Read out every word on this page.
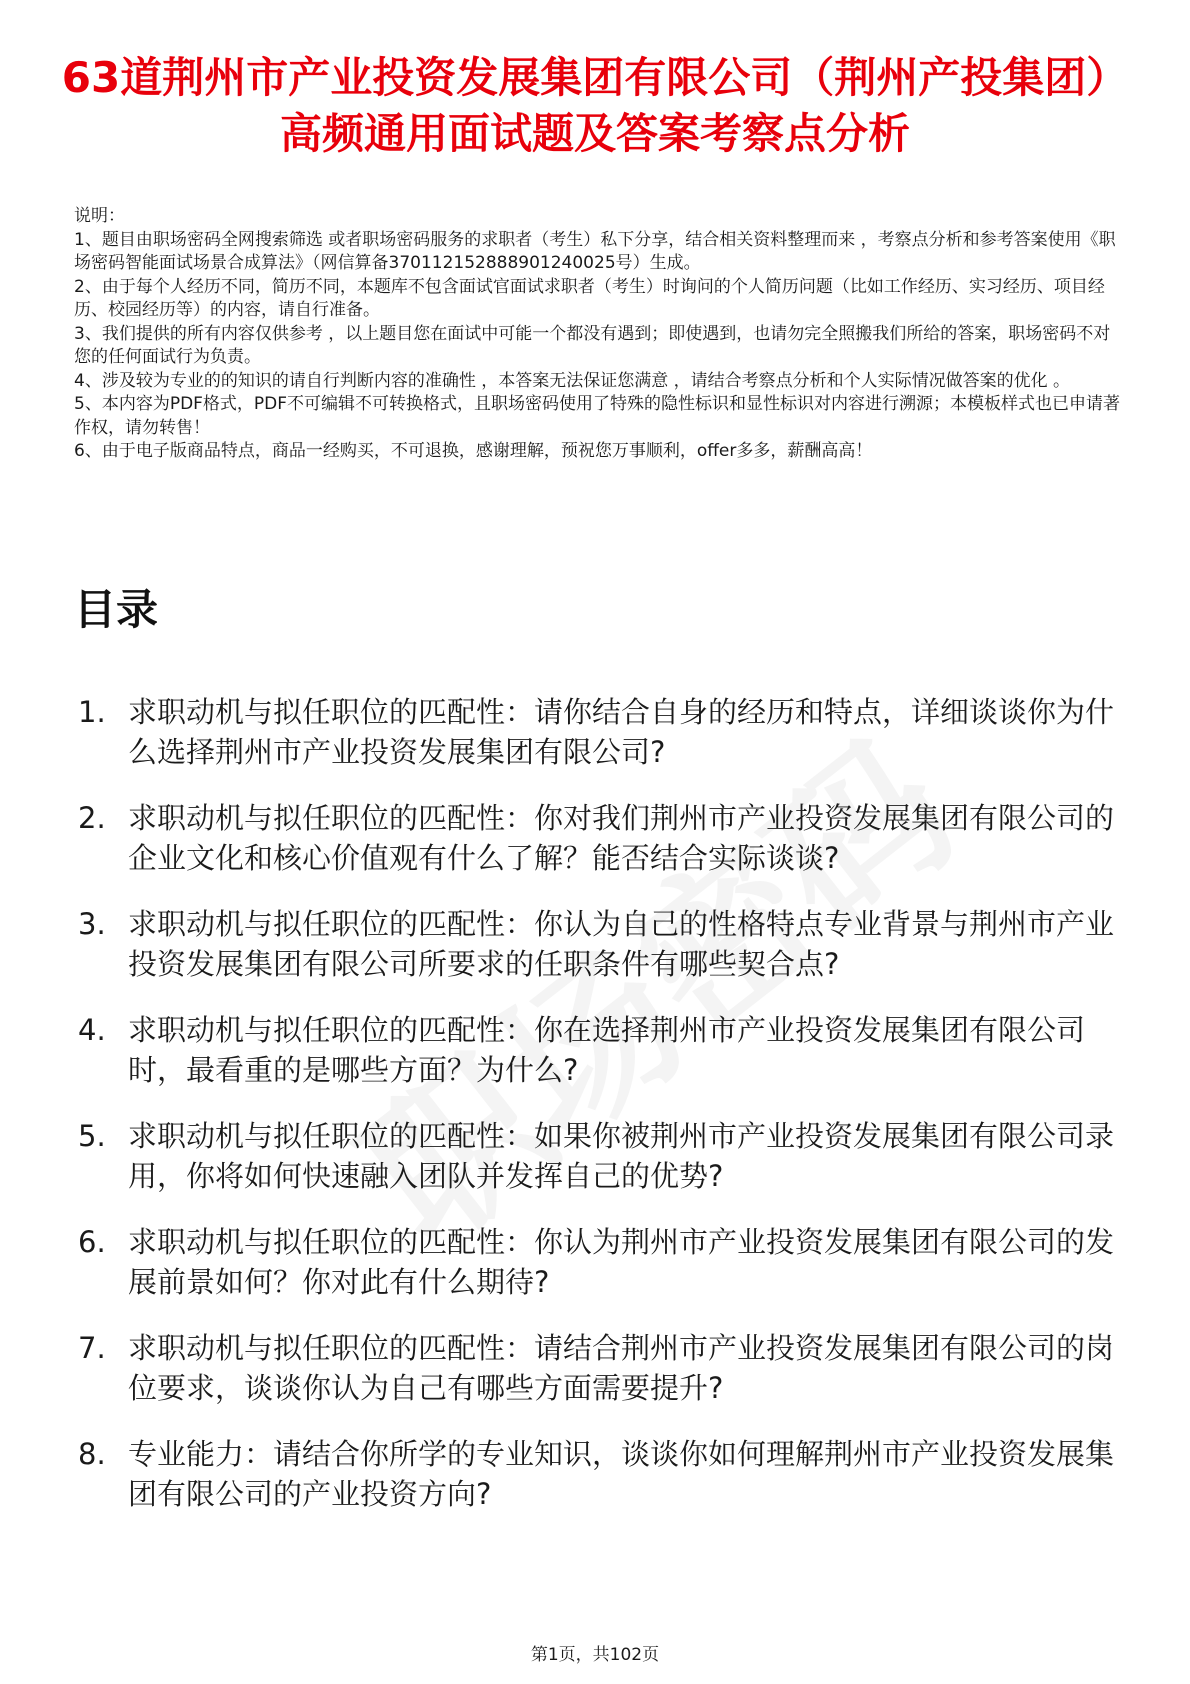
63道荆州市产业投资发展集团有限公司（荆州产投集团）高频通用面试题及答案考察点分析

说明：

1、题目由职场密码全网搜索筛选 或者职场密码服务的求职者（考生）私下分享，结合相关资料整理而来 ，考察点分析和参考答案使用《职场密码智能面试场景合成算法》（网信算备370112152888901240025号）生成。

2、由于每个人经历不同，简历不同，本题库不包含面试官面试求职者（考生）时询问的个人简历问题（比如工作经历、实习经历、项目经历、校园经历等）的内容，请自行准备。

3、我们提供的所有内容仅供参考 ，以上题目您在面试中可能一个都没有遇到；即使遇到，也请勿完全照搬我们所给的答案，职场密码不对您的任何面试行为负责。

4、涉及较为专业的的知识的请自行判断内容的准确性 ，本答案无法保证您满意 ，请结合考察点分析和个人实际情况做答案的优化 。

5、本内容为PDF格式，PDF不可编辑不可转换格式，且职场密码使用了特殊的隐性标识和显性标识对内容进行溯源；本模板样式也已申请著作权，请勿转售！

6、由于电子版商品特点，商品一经购买，不可退换，感谢理解，预祝您万事顺利，offer多多，薪酬高高！

目录
1. 求职动机与拟任职位的匹配性：请你结合自身的经历和特点，详细谈谈你为什么选择荆州市产业投资发展集团有限公司?
2. 求职动机与拟任职位的匹配性：你对我们荆州市产业投资发展集团有限公司的企业文化和核心价值观有什么了解？能否结合实际谈谈?
3. 求职动机与拟任职位的匹配性：你认为自己的性格特点专业背景与荆州市产业投资发展集团有限公司所要求的任职条件有哪些契合点?
4. 求职动机与拟任职位的匹配性：你在选择荆州市产业投资发展集团有限公司时，最看重的是哪些方面？为什么?
5. 求职动机与拟任职位的匹配性：如果你被荆州市产业投资发展集团有限公司录用，你将如何快速融入团队并发挥自己的优势?
6. 求职动机与拟任职位的匹配性：你认为荆州市产业投资发展集团有限公司的发展前景如何？你对此有什么期待?
7. 求职动机与拟任职位的匹配性：请结合荆州市产业投资发展集团有限公司的岗位要求，谈谈你认为自己有哪些方面需要提升?
8. 专业能力：请结合你所学的专业知识，谈谈你如何理解荆州市产业投资发展集团有限公司的产业投资方向?
第1页，共102页
